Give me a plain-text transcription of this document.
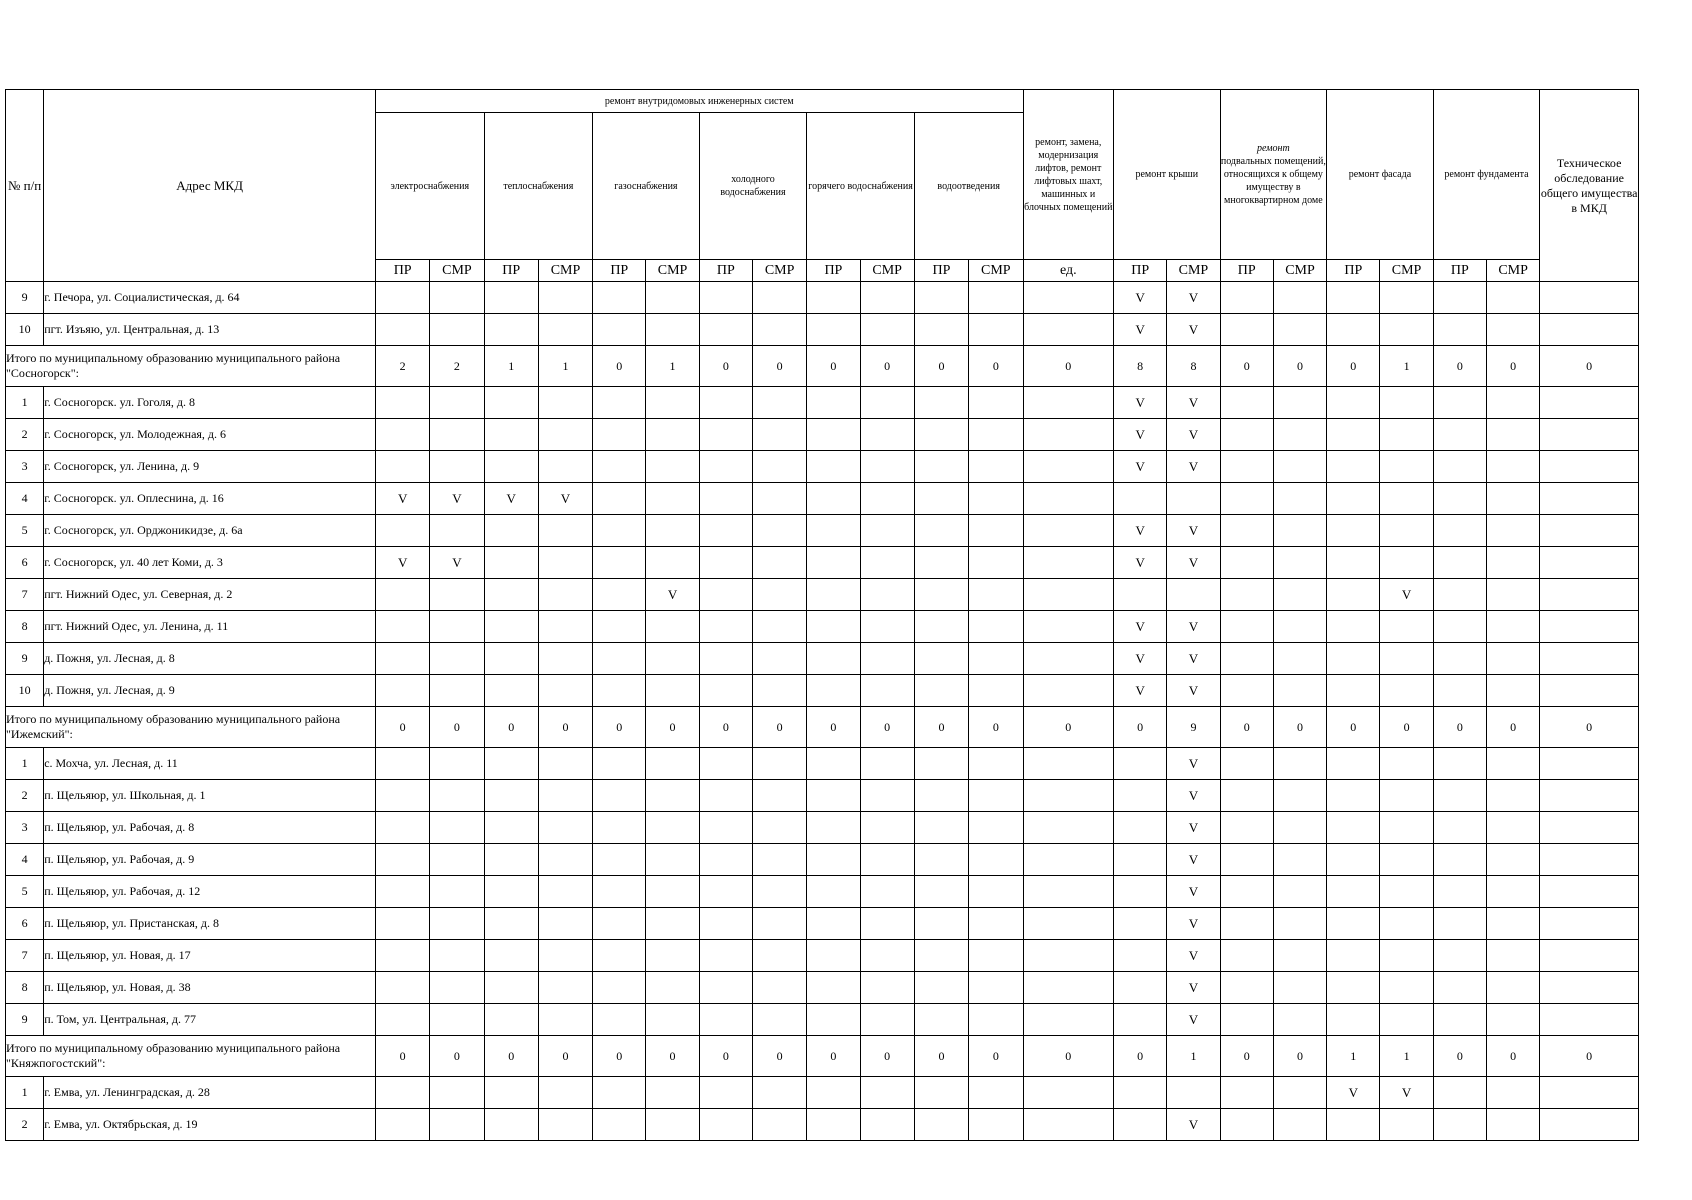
№ п/п	Адрес МКД	ремонт внутридомовых инженерных систем												ремонт, замена, модернизация лифтов, ремонт лифтовых шахт, машинных и блочных помещений	ремонт крыши		ремонт
подвальных помещений, относящихся к общему имуществу в многоквартирном доме		ремонт фасада		ремонт фундамента		Техническое обследование общего имущества в МКД
		электроснабжения		теплоснабжения		газоснабжения		холодного водоснабжения		горячего водоснабжения		водоотведения											
		ПР	СМР	ПР	СМР	ПР	СМР	ПР	СМР	ПР	СМР	ПР	СМР	ед.	ПР	СМР	ПР	СМР	ПР	СМР	ПР	СМР	
9	г. Печора, ул. Социалистическая, д. 64														V	V							
10	пгт. Изъяю, ул. Центральная, д. 13														V	V							
Итого по муниципальному образованию муниципального района "Сосногорск":		2	2	1	1	0	1	0	0	0	0	0	0	0	8	8	0	0	0	1	0	0	0
1	г. Сосногорск. ул. Гоголя, д. 8														V	V							
2	г. Сосногорск, ул. Молодежная, д. 6														V	V							
3	г. Сосногорск, ул. Ленина, д. 9														V	V							
4	г. Сосногорск. ул. Оплеснина, д. 16	V	V	V	V																		
5	г. Сосногорск, ул. Орджоникидзе, д. 6а														V	V							
6	г. Сосногорск, ул. 40 лет Коми, д. 3	V	V												V	V							
7	пгт. Нижний Одес, ул. Северная, д. 2						V													V			
8	пгт. Нижний Одес, ул. Ленина, д. 11														V	V							
9	д. Пожня, ул. Лесная, д. 8														V	V							
10	д. Пожня, ул. Лесная, д. 9														V	V							
Итого по муниципальному образованию муниципального района "Ижемский":		0	0	0	0	0	0	0	0	0	0	0	0	0	0	9	0	0	0	0	0	0	0
1	с. Мохча, ул. Лесная, д. 11															V							
2	п. Щельяюр, ул. Школьная, д. 1															V							
3	п. Щельяюр, ул. Рабочая, д. 8															V							
4	п. Щельяюр, ул. Рабочая, д. 9															V							
5	п. Щельяюр, ул. Рабочая, д. 12															V							
6	п. Щельяюр, ул. Пристанская, д. 8															V							
7	п. Щельяюр, ул. Новая, д. 17															V							
8	п. Щельяюр, ул. Новая, д. 38															V							
9	п. Том, ул. Центральная, д. 77															V							
Итого по муниципальному образованию муниципального района "Княжпогостский":		0	0	0	0	0	0	0	0	0	0	0	0	0	0	1	0	0	1	1	0	0	0
1	г. Емва, ул. Ленинградская, д. 28																		V	V			
2	г. Емва, ул. Октябрьская, д. 19															V							
